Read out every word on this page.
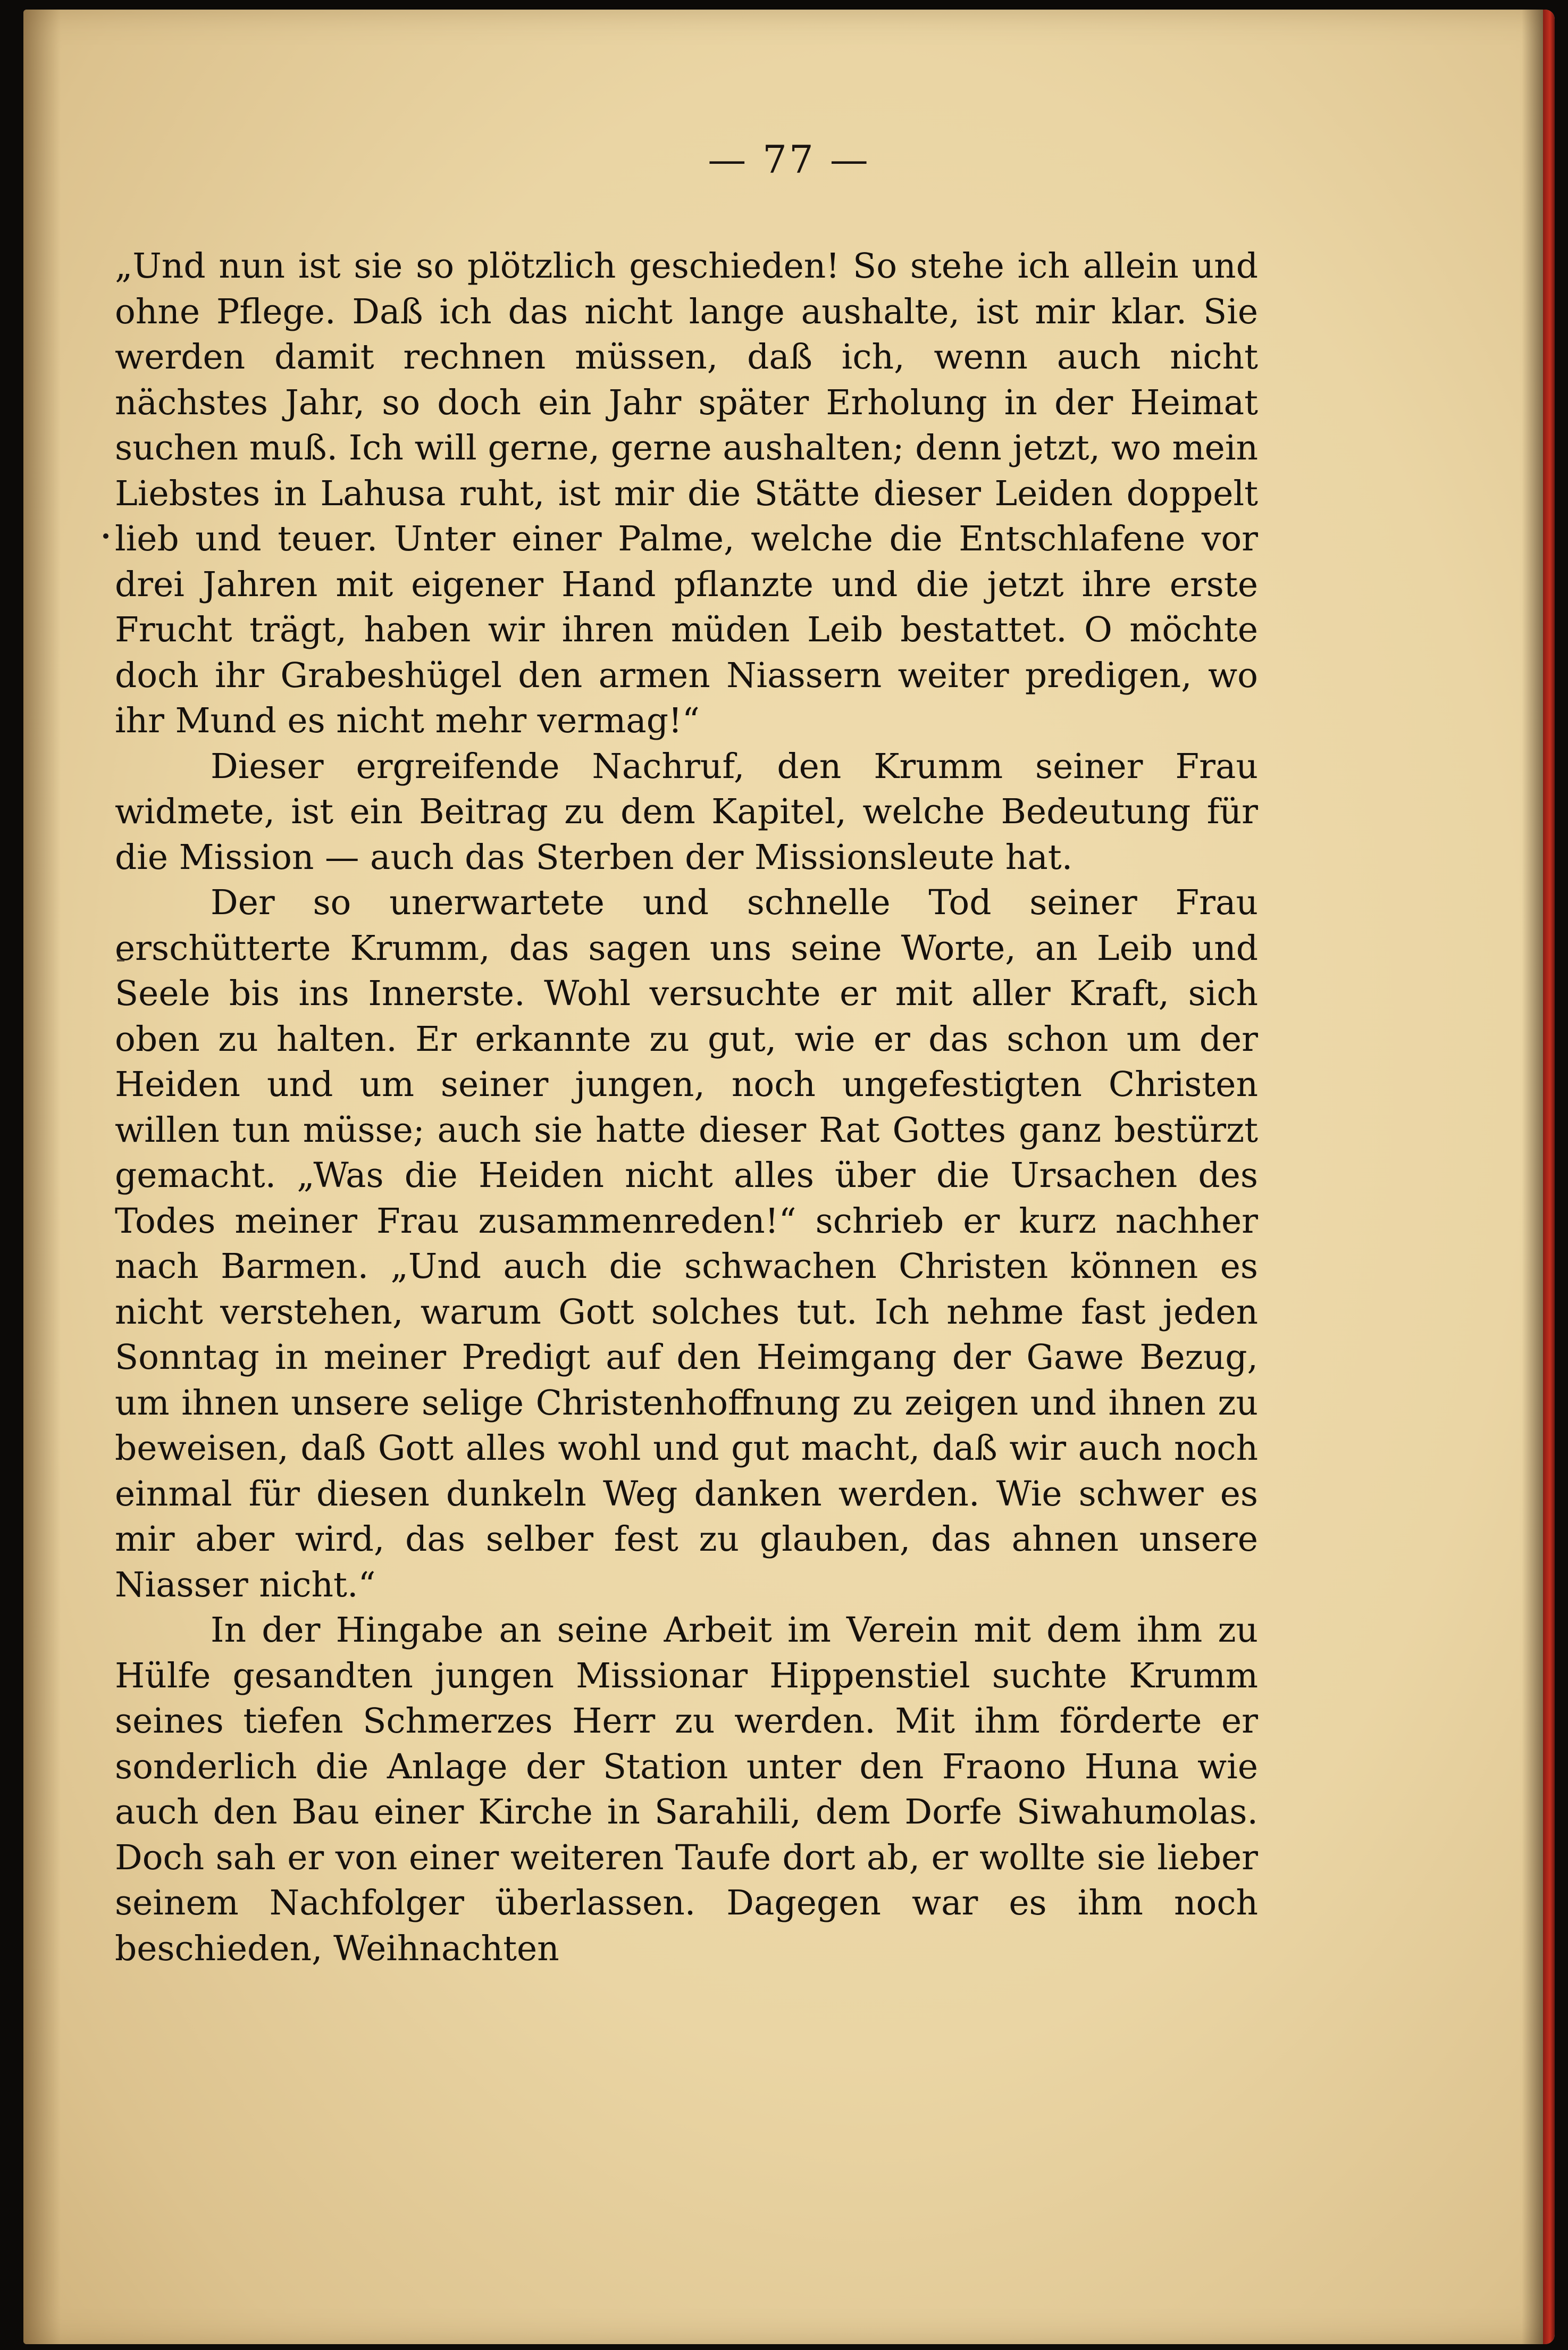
— 77 —

„Und nun ist sie so plötzlich geschieden! So stehe ich allein und ohne Pflege. Daß ich das nicht lange aushalte, ist mir klar. Sie werden damit rechnen müssen, daß ich, wenn auch nicht nächstes Jahr, so doch ein Jahr später Erholung in der Heimat suchen muß. Ich will gerne, gerne aushalten; denn jetzt, wo mein Liebstes in Lahusa ruht, ist mir die Stätte dieser Leiden doppelt lieb und teuer. Unter einer Palme, welche die Entschlafene vor drei Jahren mit eigener Hand pflanzte und die jetzt ihre erste Frucht trägt, haben wir ihren müden Leib bestattet. O möchte doch ihr Grabeshügel den armen Niassern weiter predigen, wo ihr Mund es nicht mehr vermag!“

Dieser ergreifende Nachruf, den Krumm seiner Frau widmete, ist ein Beitrag zu dem Kapitel, welche Bedeutung für die Mission — auch das Sterben der Missionsleute hat.

Der so unerwartete und schnelle Tod seiner Frau erschütterte Krumm, das sagen uns seine Worte, an Leib und Seele bis ins Innerste. Wohl versuchte er mit aller Kraft, sich oben zu halten. Er erkannte zu gut, wie er das schon um der Heiden und um seiner jungen, noch ungefestigten Christen willen tun müsse; auch sie hatte dieser Rat Gottes ganz bestürzt gemacht. „Was die Heiden nicht alles über die Ursachen des Todes meiner Frau zusammenreden!“ schrieb er kurz nachher nach Barmen. „Und auch die schwachen Christen können es nicht verstehen, warum Gott solches tut. Ich nehme fast jeden Sonntag in meiner Predigt auf den Heimgang der Gawe Bezug, um ihnen unsere selige Christenhoffnung zu zeigen und ihnen zu beweisen, daß Gott alles wohl und gut macht, daß wir auch noch einmal für diesen dunkeln Weg danken werden. Wie schwer es mir aber wird, das selber fest zu glauben, das ahnen unsere Niasser nicht.“

In der Hingabe an seine Arbeit im Verein mit dem ihm zu Hülfe gesandten jungen Missionar Hippenstiel suchte Krumm seines tiefen Schmerzes Herr zu werden. Mit ihm förderte er sonderlich die Anlage der Station unter den Fraono Huna wie auch den Bau einer Kirche in Sarahili, dem Dorfe Siwahumolas. Doch sah er von einer weiteren Taufe dort ab, er wollte sie lieber seinem Nachfolger überlassen. Dagegen war es ihm noch beschieden, Weihnachten
